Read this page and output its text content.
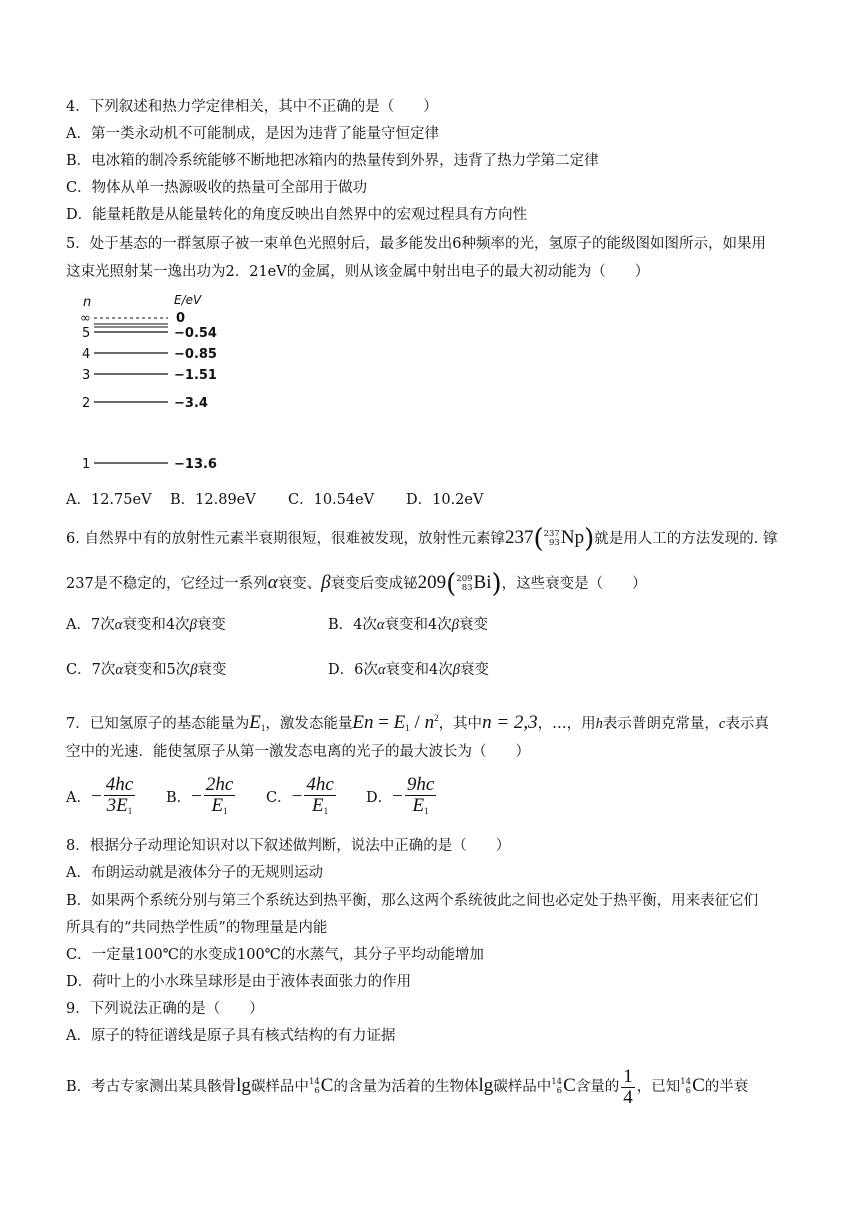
4．下列叙述和热力学定律相关，其中不正确的是（　　）
A．第一类永动机不可能制成，是因为违背了能量守恒定律
B．电冰箱的制冷系统能够不断地把冰箱内的热量传到外界，违背了热力学第二定律
C．物体从单一热源吸收的热量可全部用于做功
D．能量耗散是从能量转化的角度反映出自然界中的宏观过程具有方向性
5．处于基态的一群氢原子被一束单色光照射后，最多能发出6种频率的光，氢原子的能级图如图所示，如果用
这束光照射某一逸出功为2．21eV的金属，则从该金属中射出电子的最大初动能为（　　）
n	E/eV
∞	0
5	−0.54
4	−0.85
3	−1.51
2	−3.4
1	−13.6
A．12.75eV B．12.89eV C．10.54eV D．10.2eV
6. 自然界中有的放射性元素半衰期很短，很难被发现，放射性元素镎237( 237
93 Np)就是用人工的方法发现的. 镎
237是不稳定的，它经过一系列α衰变、β衰变后变成铋209( 209
83 Bi)，这些衰变是（　　）
A．7次α衰变和4次β衰变	B．4次α衰变和4次β衰变
C．7次α衰变和5次β衰变	D．6次α衰变和4次β衰变
7．已知氢原子的基态能量为$E_1$，激发态能量$En = E_1 / n^2$，其中n = 2,3，…，用h表示普朗克常量，c表示真
空中的光速．能使氢原子从第一激发态电离的光子的最大波长为（　　）
A．− $\frac{4hc}{3E_1}$ B．− $\frac{2hc}{E_1}$ C．− $\frac{4hc}{E_1}$ D．− $\frac{9hc}{E_1}$
8．根据分子动理论知识对以下叙述做判断，说法中正确的是（　　）
A．布朗运动就是液体分子的无规则运动
B．如果两个系统分别与第三个系统达到热平衡，那么这两个系统彼此之间也必定处于热平衡，用来表征它们
所具有的“共同热学性质”的物理量是内能
C．一定量100℃的水变成100℃的水蒸气，其分子平均动能增加
D．荷叶上的小水珠呈球形是由于液体表面张力的作用
9．下列说法正确的是（　　）
A．原子的特征谱线是原子具有核式结构的有力证据
B．考古专家测出某具骸骨lg碳样品中 14
6 C的含量为活着的生物体lg碳样品中 14
6 C含量的 $\frac{1}{4}$ ，已知 14
6 C的半衰
